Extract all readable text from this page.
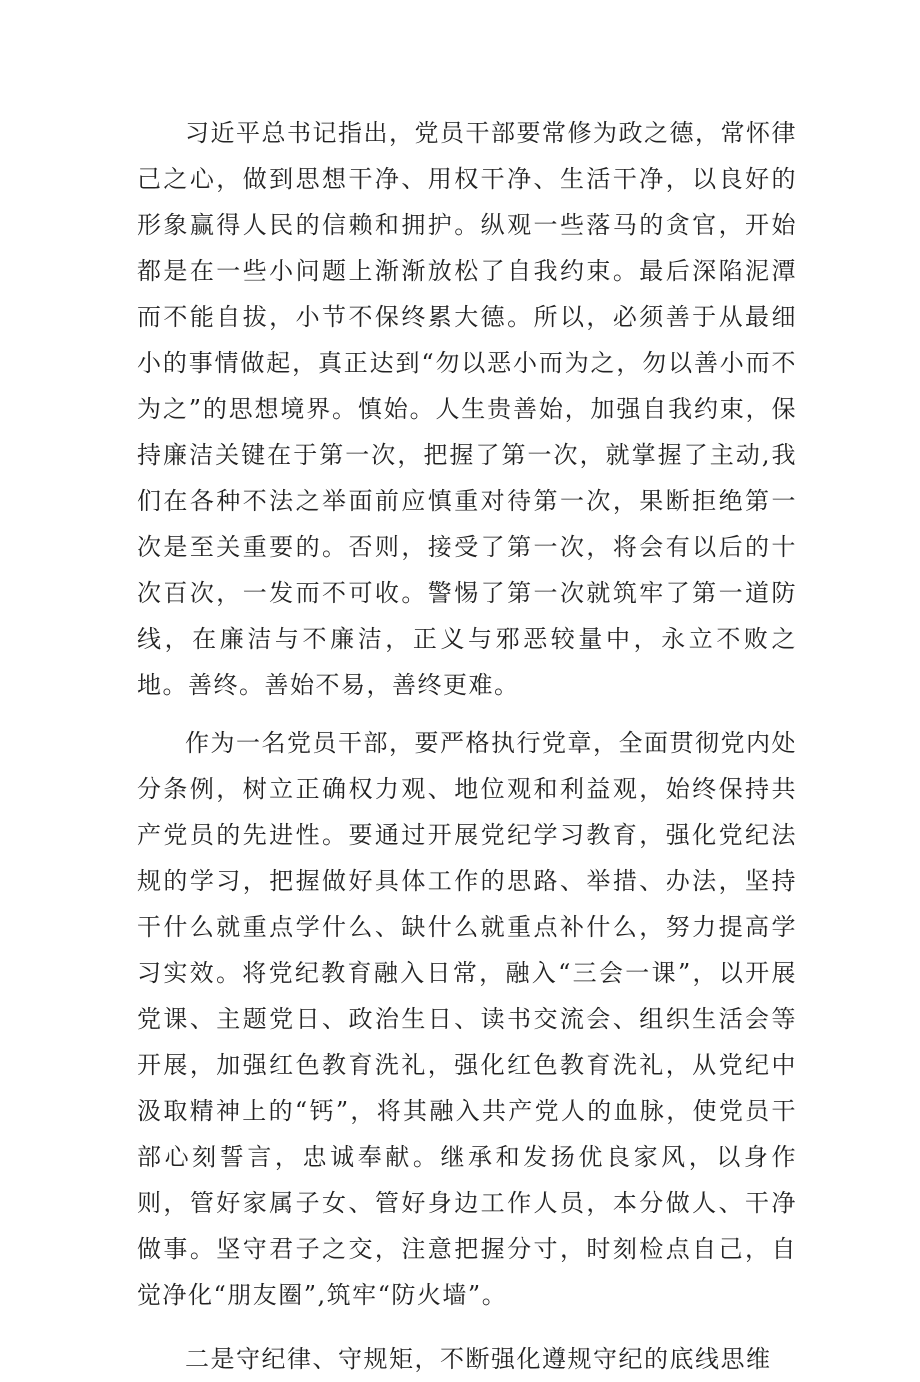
习近平总书记指出，党员干部要常修为政之德，常怀律己之心，做到思想干净、用权干净、生活干净，以良好的形象赢得人民的信赖和拥护。纵观一些落马的贪官，开始都是在一些小问题上渐渐放松了自我约束。最后深陷泥潭而不能自拔，小节不保终累大德。所以，必须善于从最细小的事情做起，真正达到“勿以恶小而为之，勿以善小而不为之”的思想境界。慎始。人生贵善始，加强自我约束，保持廉洁关键在于第一次，把握了第一次，就掌握了主动,我们在各种不法之举面前应慎重对待第一次，果断拒绝第一次是至关重要的。否则，接受了第一次，将会有以后的十次百次，一发而不可收。警惕了第一次就筑牢了第一道防线，在廉洁与不廉洁，正义与邪恶较量中，永立不败之地。善终。善始不易，善终更难。

作为一名党员干部，要严格执行党章，全面贯彻党内处分条例，树立正确权力观、地位观和利益观，始终保持共产党员的先进性。要通过开展党纪学习教育，强化党纪法规的学习，把握做好具体工作的思路、举措、办法，坚持干什么就重点学什么、缺什么就重点补什么，努力提高学习实效。将党纪教育融入日常，融入“三会一课”，以开展党课、主题党日、政治生日、读书交流会、组织生活会等开展，加强红色教育洗礼，强化红色教育洗礼，从党纪中汲取精神上的“钙”，将其融入共产党人的血脉，使党员干部心刻誓言，忠诚奉献。继承和发扬优良家风，以身作则，管好家属子女、管好身边工作人员，本分做人、干净做事。坚守君子之交，注意把握分寸，时刻检点自己，自觉净化“朋友圈”,筑牢“防火墙”。

二是守纪律、守规矩，不断强化遵规守纪的底线思维
